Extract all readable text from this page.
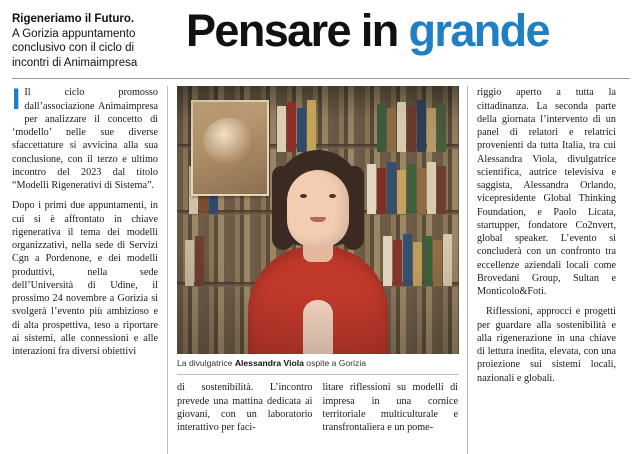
Rigeneriamo il Futuro.
A Gorizia appuntamento conclusivo con il ciclo di incontri di Animaimpresa
Pensare in grande
I Il ciclo promosso dall’associazione Animaimpresa per analizzare il concetto di ‘modello’ nelle sue diverse sfaccettature si avvicina alla sua conclusione, con il terzo e ultimo incontro del 2023 dal titolo “Modelli Rigenerativi di Sistema”.

Dopo i primi due appuntamenti, in cui si è affrontato in chiave rigenerativa il tema dei modelli organizzativi, nella sede di Servizi Cgn a Pordenone, e dei modelli produttivi, nella sede dell’Università di Udine, il prossimo 24 novembre a Gorizia si svolgerà l’evento più ambizioso e di alta prospettiva, teso a riportare ai sistemi, alle connessioni e alle interazioni fra diversi obiettivi

La divulgatrice Alessandra Viola ospite a Gorizia

di sostenibilità. L’incontro prevede una mattina dedicata ai giovani, con un laboratorio interattivo per faci-

litare riflessioni su modelli di impresa in una cornice territoriale multiculturale e transfrontaliera e un pome-

riggio aperto a tutta la cittadinanza. La seconda parte della giornata l’intervento di un panel di relatori e relatrici provenienti da tutta Italia, tra cui Alessandra Viola, divulgatrice scientifica, autrice televisiva e saggista, Alessandra Orlando, vicepresidente Global Thinking Foundation, e Paolo Licata, startupper, fondatore Co2nvert, global speaker. L’evento si concluderà con un confronto tra eccellenze aziendali locali come Brovedani Group, Sultan e Monticolo&Foti.

Riflessioni, approcci e progetti per guardare alla sostenibilità e alla rigenerazione in una chiave di lettura inedita, elevata, con una proiezione sui sistemi locali, nazionali e globali.
